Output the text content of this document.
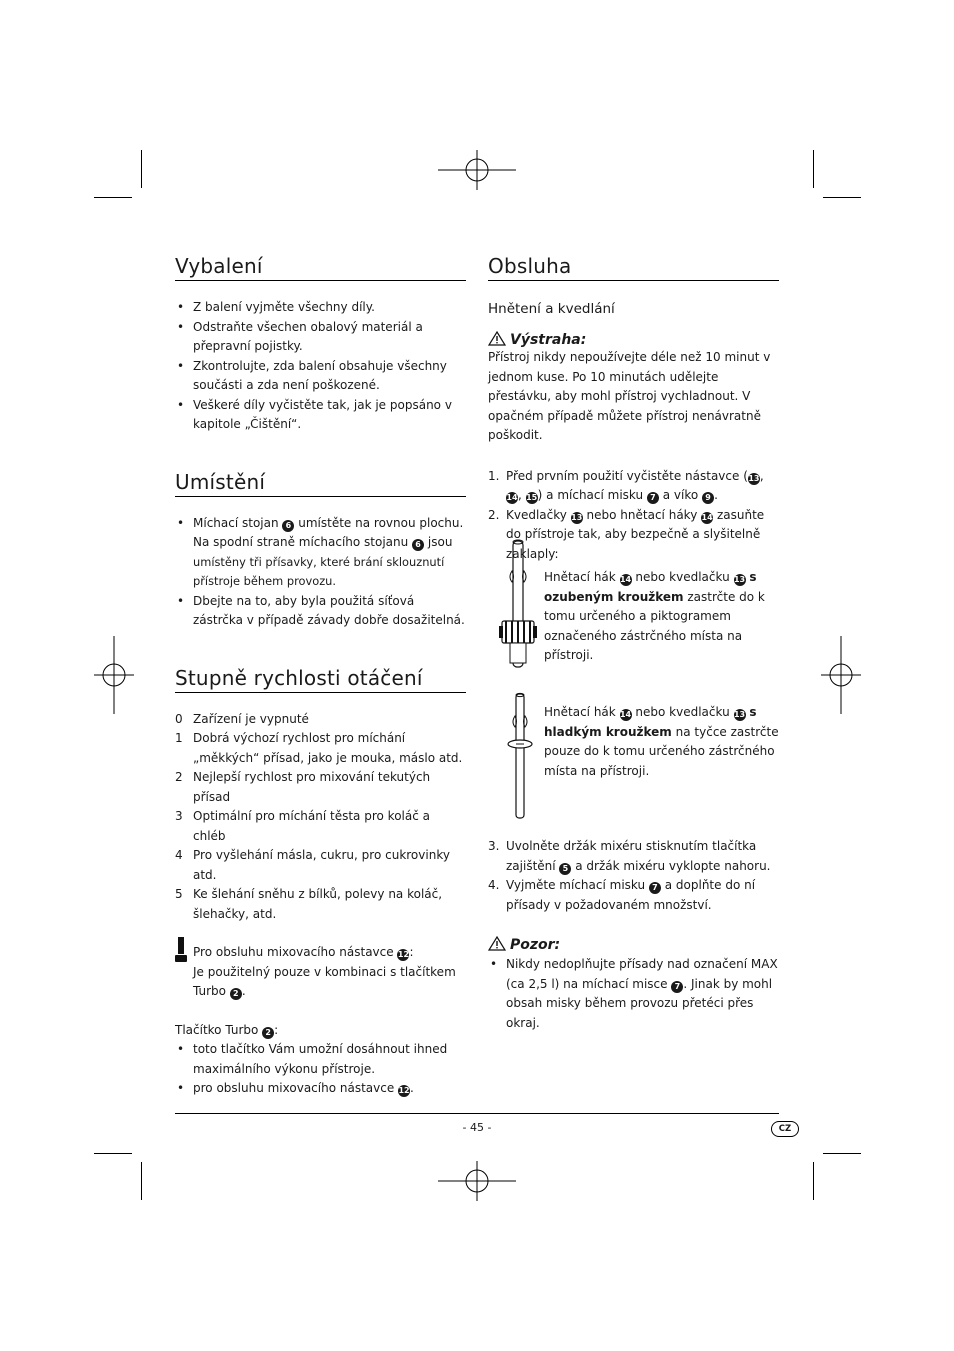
Vybalení
• Z balení vyjměte všechny díly.
• Odstraňte všechen obalový materiál a přepravní pojistky.
• Zkontrolujte, zda balení obsahuje všechny součásti a zda není poškozené.
• Veškeré díly vyčistěte tak, jak je popsáno v kapitole „Čištění“.
Umístění
• Míchací stojan 6 umístěte na rovnou plochu. Na spodní straně míchacího stojanu 6 jsou umístěny tři přísavky, které brání sklouznutí přístroje během provozu.
• Dbejte na to, aby byla použitá síťová zástrčka v případě závady dobře dosažitelná.
Stupně rychlosti otáčení
0 Zařízení je vypnuté
1 Dobrá výchozí rychlost pro míchání „měkkých“ přísad, jako je mouka, máslo atd.
2 Nejlepší rychlost pro mixování tekutých přísad
3 Optimální pro míchání těsta pro koláč a chléb
4 Pro vyšlehání másla, cukru, pro cukrovinky atd.
5 Ke šlehání sněhu z bílků, polevy na koláč, šlehačky, atd.
Pro obsluhu mixovacího nástavce 12:
Je použitelný pouze v kombinaci s tlačítkem Turbo 2 .
Tlačítko Turbo 2 :
• toto tlačítko Vám umožní dosáhnout ihned maximálního výkonu přístroje.
• pro obsluhu mixovacího nástavce 12.
Obsluha
Hnětení a kvedlání
Výstraha:
Přístroj nikdy nepoužívejte déle než 10 minut v jednom kuse. Po 10 minutách udělejte přestávku, aby mohl přístroj vychladnout. V opačném případě můžete přístroj nenávratně poškodit.
1. Před prvním použití vyčistěte nástavce (13, 14, 15) a míchací misku 7 a víko 9 .
2. Kvedlačky 13 nebo hnětací háky 14 zasuňte do přístroje tak, aby bezpečně a slyšitelně zaklaply:
Hnětací hák 14 nebo kvedlačku 13 s ozubeným kroužkem zastrčte do k tomu určeného a piktogramem označeného zástrčného místa na přístroji.
Hnětací hák 14 nebo kvedlačku 13 s hladkým kroužkem na tyčce zastrčte pouze do k tomu určeného zástrčného místa na přístroji.
3. Uvolněte držák mixéru stisknutím tlačítka zajištění 5 a držák mixéru vyklopte nahoru.
4. Vyjměte míchací misku 7 a doplňte do ní přísady v požadovaném množství.
Pozor:
• Nikdy nedoplňujte přísady nad označení MAX (ca 2,5 l) na míchací misce 7 . Jinak by mohl obsah misky během provozu přetéci přes okraj.
- 45 -	CZ
